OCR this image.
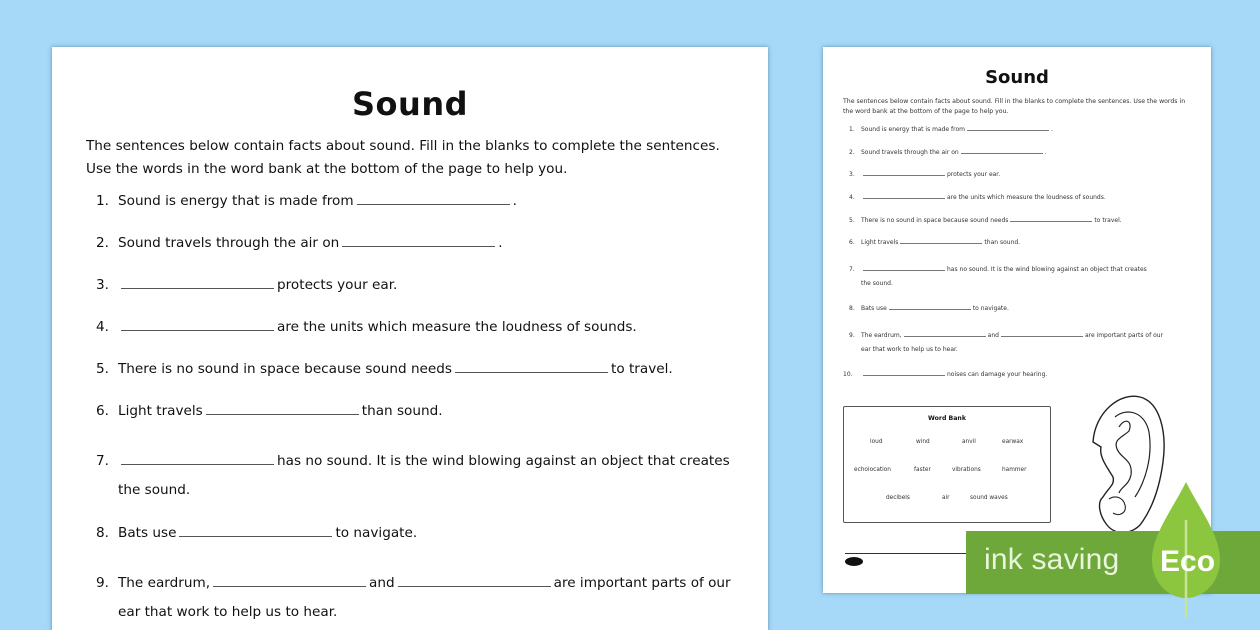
Sound
The sentences below contain facts about sound. Fill in the blanks to complete the sentences. Use the words in the word bank at the bottom of the page to help you.
1. Sound is energy that is made from	.
2. Sound travels through the air on	.
3.	protects your ear.
4.	are the units which measure the loudness of sounds.
5. There is no sound in space because sound needs	to travel.
6. Light travels	than sound.
7.	has no sound. It is the wind blowing against an object that creates
the sound.
8. Bats use	to navigate.
9. The eardrum,	and	are important parts of our
ear that work to help us to hear.
Sound
The sentences below contain facts about sound. Fill in the blanks to complete the sentences. Use the words in the word bank at the bottom of the page to help you.
1. Sound is energy that is made from	.
2. Sound travels through the air on	.
3.	protects your ear.
4.	are the units which measure the loudness of sounds.
5. There is no sound in space because sound needs	to travel.
6. Light travels	than sound.
7.	has no sound. It is the wind blowing against an object that creates
the sound.
8. Bats use	to navigate.
9. The eardrum,	and	are important parts of our
ear that work to help us to hear.
10.	noises can damage your hearing.
Word Bank
loud	wind	anvil	earwax
echolocation	faster	vibrations	hammer
decibels	air	sound waves
ink saving Eco
